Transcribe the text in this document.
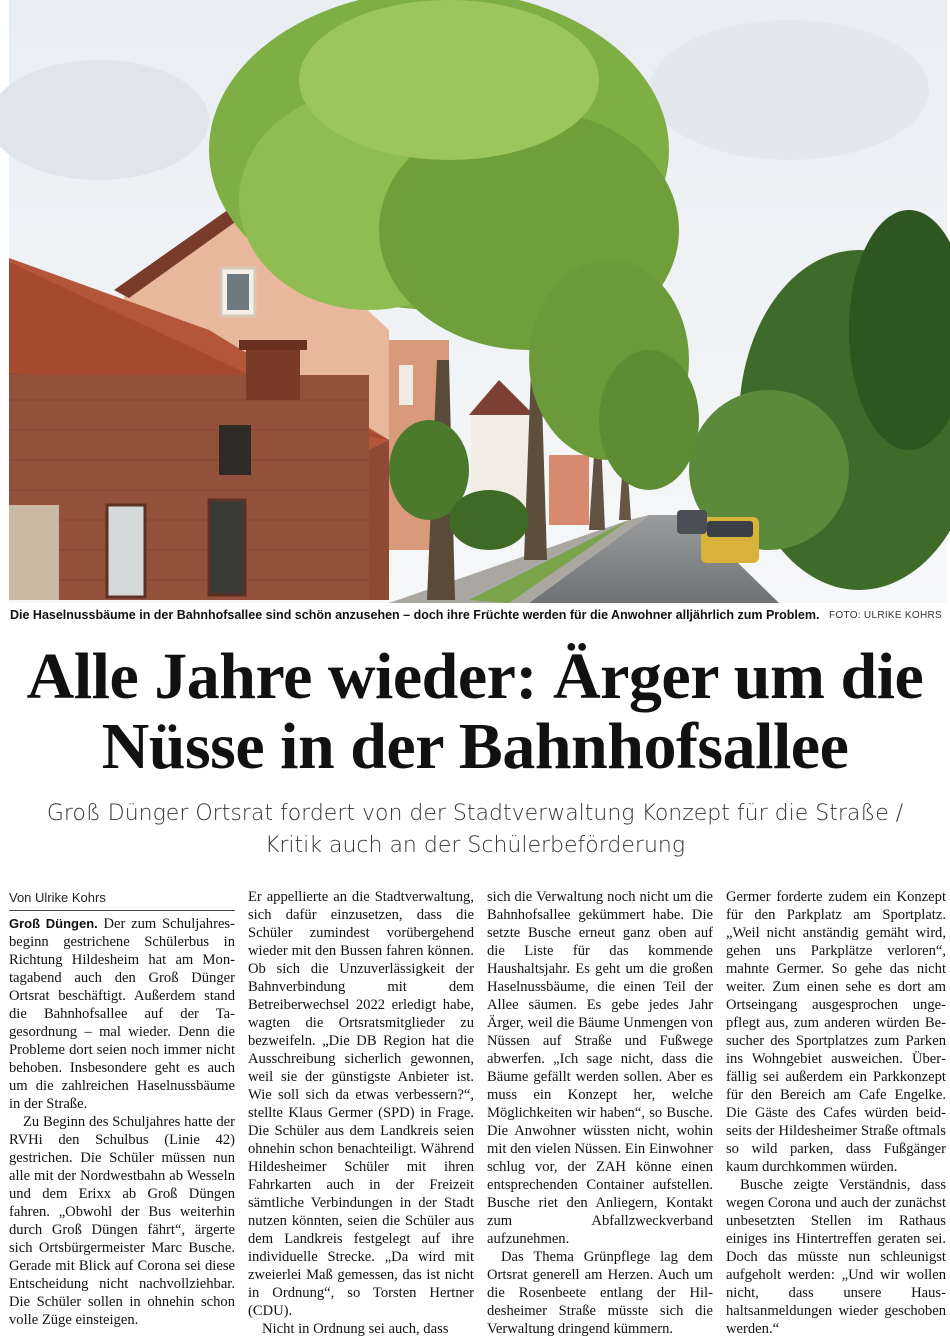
Die Haselnussbäume in der Bahnhofsallee sind schön anzusehen – doch ihre Früchte werden für die Anwohner alljährlich zum Problem. FOTO: ULRIKE KOHRS
Alle Jahre wieder: Ärger um die
Nüsse in der Bahnhofsallee
Groß Dünger Ortsrat fordert von der Stadtverwaltung Konzept für die Straße /
Kritik auch an der Schülerbeförderung
Von Ulrike Kohrs

Groß Düngen. Der zum Schuljahresbeginn gestrichene Schülerbus in Richtung Hildesheim hat am Montagabend auch den Groß Dünger Ortsrat beschäftigt. Außerdem stand die Bahnhofsallee auf der Tagesordnung – mal wieder. Denn die Probleme dort seien noch immer nicht behoben. Insbesondere geht es auch um die zahlreichen Haselnussbäume in der Straße.

Zu Beginn des Schuljahres hatte der RVHi den Schulbus (Linie 42) gestrichen. Die Schüler müssen nun alle mit der Nordwestbahn ab Wesseln und dem Erixx ab Groß Düngen fahren. „Obwohl der Bus weiterhin durch Groß Düngen fährt“, ärgerte sich Ortsbürgermeister Marc Busche. Gerade mit Blick auf Corona sei diese Entscheidung nicht nachvollziehbar. Die Schüler sollen in ohnehin schon volle Züge einsteigen.

Er appellierte an die Stadtverwaltung, sich dafür einzusetzen, dass die Schüler zumindest vorübergehend wieder mit den Bussen fahren können. Ob sich die Unzuverlässigkeit der Bahnverbindung mit dem Betreiberwechsel 2022 erledigt habe, wagten die Ortsratsmitglieder zu bezweifeln. „Die DB Region hat die Ausschreibung sicherlich gewonnen, weil sie der günstigste Anbieter ist. Wie soll sich da etwas verbessern?“, stellte Klaus Germer (SPD) in Frage. Die Schüler aus dem Landkreis seien ohnehin schon benachteiligt. Während Hildesheimer Schüler mit ihren Fahrkarten auch in der Freizeit sämtliche Verbindungen in der Stadt nutzen könnten, seien die Schüler aus dem Landkreis festgelegt auf ihre individuelle Strecke. „Da wird mit zweierlei Maß gemessen, das ist nicht in Ordnung“, so Torsten Hertner (CDU).

Nicht in Ordnung sei auch, dass

sich die Verwaltung noch nicht um die Bahnhofsallee gekümmert habe. Die setzte Busche erneut ganz oben auf die Liste für das kommende Haushaltsjahr. Es geht um die großen Haselnussbäume, die einen Teil der Allee säumen. Es gebe jedes Jahr Ärger, weil die Bäume Unmengen von Nüssen auf Straße und Fußwege abwerfen. „Ich sage nicht, dass die Bäume gefällt werden sollen. Aber es muss ein Konzept her, welche Möglichkeiten wir haben“, so Busche. Die Anwohner wüssten nicht, wohin mit den vielen Nüssen. Ein Einwohner schlug vor, der ZAH könne einen entsprechenden Container aufstellen. Busche riet den Anliegern, Kontakt zum Abfallzweckverband aufzunehmen.

Das Thema Grünpflege lag dem Ortsrat generell am Herzen. Auch um die Rosenbeete entlang der Hildesheimer Straße müsste sich die Verwaltung dringend kümmern.

Germer forderte zudem ein Konzept für den Parkplatz am Sportplatz. „Weil nicht anständig gemäht wird, gehen uns Parkplätze verloren“, mahnte Germer. So gehe das nicht weiter. Zum einen sehe es dort am Ortseingang ausgesprochen ungepflegt aus, zum anderen würden Besucher des Sportplatzes zum Parken ins Wohngebiet ausweichen. Überfällig sei außerdem ein Parkkonzept für den Bereich am Cafe Engelke. Die Gäste des Cafes würden beidseits der Hildesheimer Straße oftmals so wild parken, dass Fußgänger kaum durchkommen würden.

Busche zeigte Verständnis, dass wegen Corona und auch der zunächst unbesetzten Stellen im Rathaus einiges ins Hintertreffen geraten sei. Doch das müsste nun schleunigst aufgeholt werden: „Und wir wollen nicht, dass unsere Haushaltsanmeldungen wieder geschoben werden.“
